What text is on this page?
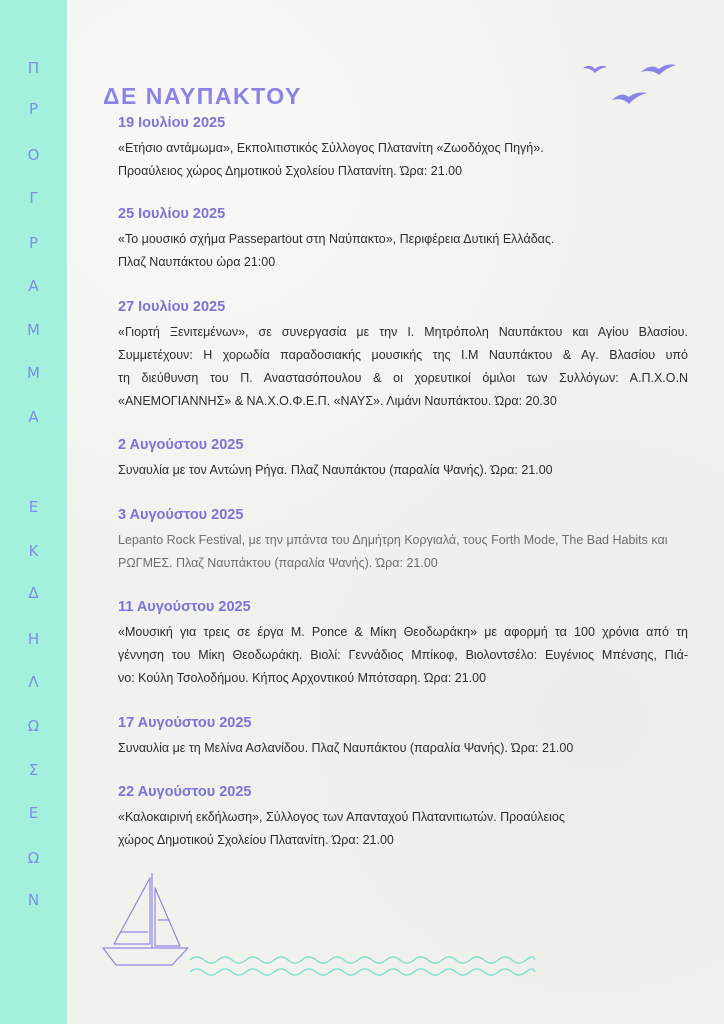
Π
Ρ
Ο
Γ
Ρ
Α
Μ
Μ
Α
Ε
Κ
Δ
Η
Λ
Ω
Σ
Ε
Ω
Ν
ΔΕ ΝΑΥΠΑΚΤΟΥ
19 Ιουλίου 2025
«Ετήσιο αντάμωμα», Εκπολιτιστικός Σύλλογος Πλατανίτη «Ζωοδόχος Πηγή».
Προαύλειος χώρος Δημοτικού Σχολείου Πλατανίτη. Ώρα: 21.00
25 Ιουλίου 2025
«Το μουσικό σχήμα Passepartout στη Ναύπακτο», Περιφέρεια Δυτική Ελλάδας.
Πλαζ Ναυπάκτου ώρα 21:00
27 Ιουλίου 2025
«Γιορτή Ξενιτεμένων», σε συνεργασία με την Ι. Μητρόπολη Ναυπάκτου και Αγίου Βλασίου.
Συμμετέχουν: Η χορωδία παραδοσιακής μουσικής της Ι.Μ Ναυπάκτου & Αγ. Βλασίου υπό
τη διεύθυνση του Π. Αναστασόπουλου & οι χορευτικοί όμιλοι των Συλλόγων: Α.Π.Χ.Ο.Ν
«ΑΝΕΜΟΓΙΑΝΝΗΣ» & ΝΑ.Χ.Ο.Φ.Ε.Π. «ΝΑΥΣ». Λιμάνι Ναυπάκτου. Ώρα: 20.30
2 Αυγούστου 2025
Συναυλία με τον Αντώνη Ρήγα. Πλαζ Ναυπάκτου (παραλία Ψανής). Ώρα: 21.00
3 Αυγούστου 2025
Lepanto Rock Festival, με την μπάντα του Δημήτρη Κοργιαλά, τους Forth Mode, The Bad Habits και
ΡΩΓΜΕΣ. Πλαζ Ναυπάκτου (παραλία Ψανής). Ώρα: 21.00
11 Αυγούστου 2025
«Μουσική για τρεις σε έργα M. Ponce & Μίκη Θεοδωράκη» με αφορμή τα 100 χρόνια από τη
γέννηση του Μίκη Θεοδωράκη. Βιολί: Γεννάδιος Μπίκοφ, Βιολοντσέλο: Ευγένιος Μπένσης, Πιά-
νο: Κούλη Τσολοδήμου. Κήπος Αρχοντικού Μπότσαρη. Ώρα: 21.00
17 Αυγούστου 2025
Συναυλία με τη Μελίνα Ασλανίδου. Πλαζ Ναυπάκτου (παραλία Ψανής). Ώρα: 21.00
22 Αυγούστου 2025
«Καλοκαιρινή εκδήλωση», Σύλλογος των Απανταχού Πλατανιτιωτών. Προαύλειος
χώρος Δημοτικού Σχολείου Πλατανίτη. Ώρα: 21.00
